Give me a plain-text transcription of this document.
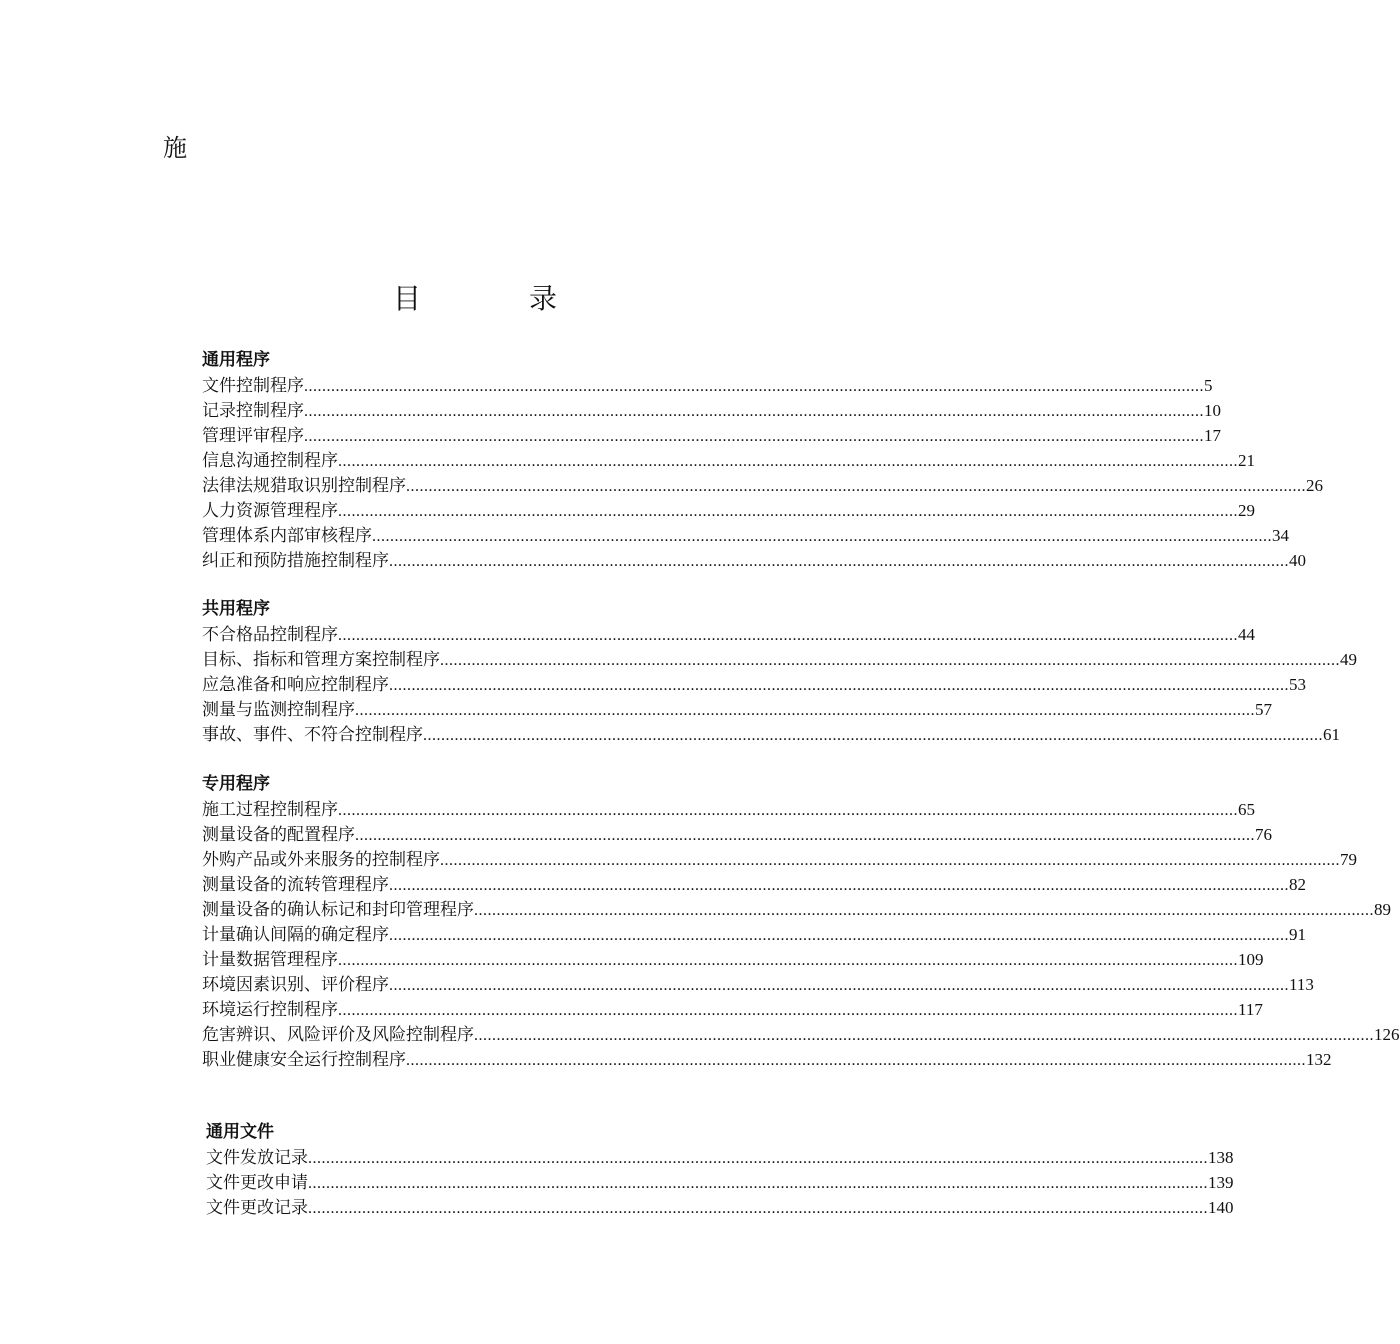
施
目	录
通用程序
文件控制程序 ........................................................................................................................................................................................................ 5
记录控制程序 ........................................................................................................................................................................................................ 10
管理评审程序 ........................................................................................................................................................................................................ 17
信息沟通控制程序 ........................................................................................................................................................................................................ 21
法律法规猎取识别控制程序 ........................................................................................................................................................................................................ 26
人力资源管理程序 ........................................................................................................................................................................................................ 29
管理体系内部审核程序 ........................................................................................................................................................................................................ 34
纠正和预防措施控制程序 ........................................................................................................................................................................................................ 40
共用程序
不合格品控制程序 ........................................................................................................................................................................................................ 44
目标、指标和管理方案控制程序 ........................................................................................................................................................................................................ 49
应急准备和响应控制程序 ........................................................................................................................................................................................................ 53
测量与监测控制程序 ........................................................................................................................................................................................................ 57
事故、事件、不符合控制程序 ........................................................................................................................................................................................................ 61
专用程序
施工过程控制程序 ........................................................................................................................................................................................................ 65
测量设备的配置程序 ........................................................................................................................................................................................................ 76
外购产品或外来服务的控制程序 ........................................................................................................................................................................................................ 79
测量设备的流转管理程序 ........................................................................................................................................................................................................ 82
测量设备的确认标记和封印管理程序 ........................................................................................................................................................................................................ 89
计量确认间隔的确定程序 ........................................................................................................................................................................................................ 91
计量数据管理程序 ........................................................................................................................................................................................................ 109
环境因素识别、评价程序 ........................................................................................................................................................................................................ 113
环境运行控制程序 ........................................................................................................................................................................................................ 117
危害辨识、风险评价及风险控制程序 ........................................................................................................................................................................................................ 126
职业健康安全运行控制程序 ........................................................................................................................................................................................................ 132
通用文件
文件发放记录 ........................................................................................................................................................................................................ 138
文件更改申请 ........................................................................................................................................................................................................ 139
文件更改记录 ........................................................................................................................................................................................................ 140
